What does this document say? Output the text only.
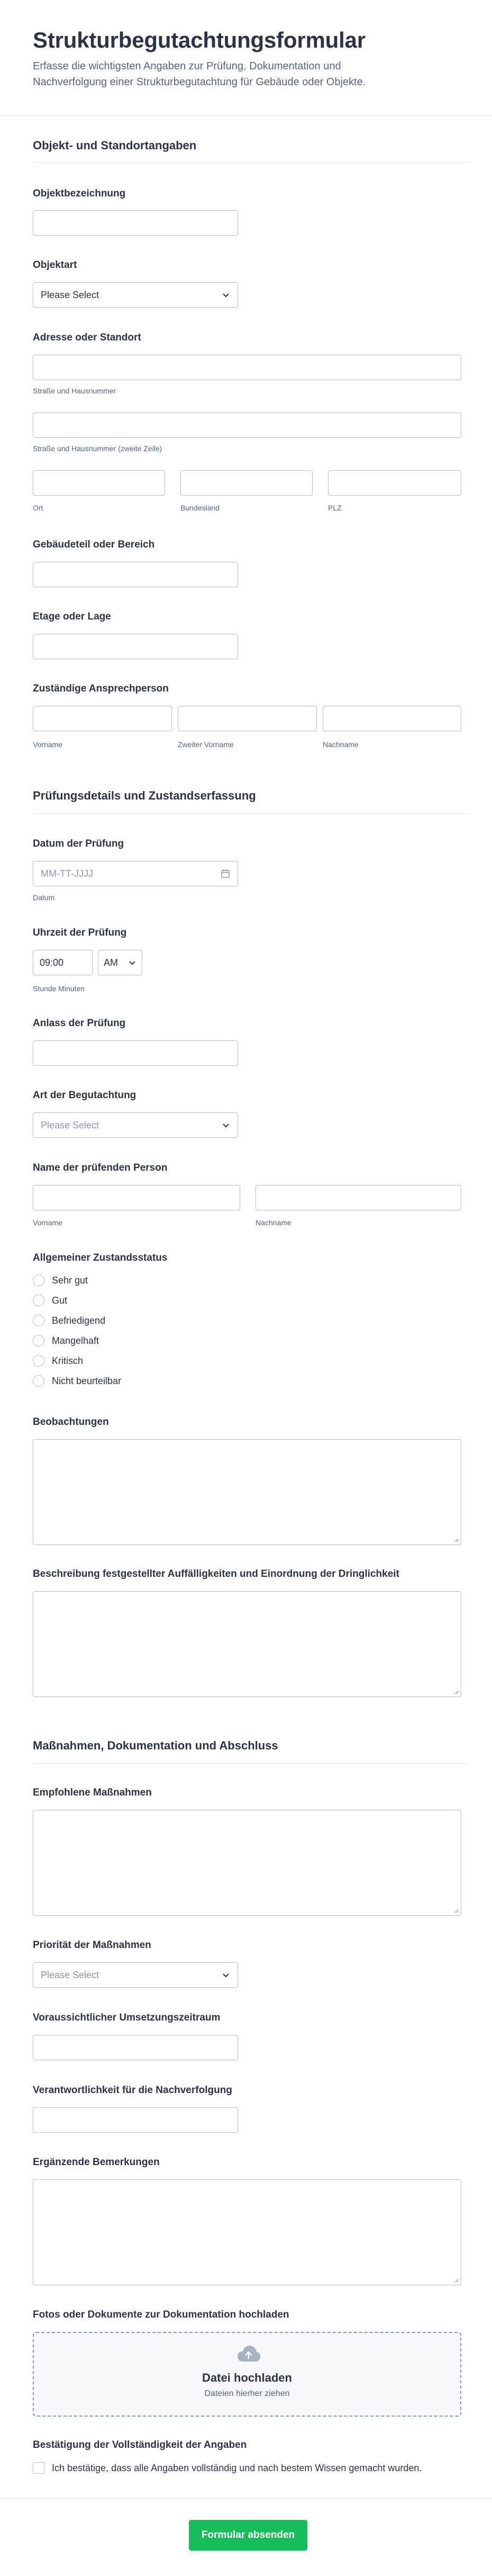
Strukturbegutachtungsformular

Erfasse die wichtigsten Angaben zur Prüfung, Dokumentation und Nachverfolgung einer Strukturbegutachtung für Gebäude oder Objekte.

Objekt- und Standortangaben
Objektbezeichnung
Objektart
Please Select
Adresse oder Standort
Straße und Hausnummer
Straße und Hausnummer (zweite Zeile)
Ort	Bundesland	PLZ
Gebäudeteil oder Bereich
Etage oder Lage
Zuständige Ansprechperson
Vorname	Zweiter Vorname	Nachname
Prüfungsdetails und Zustandserfassung
Datum der Prüfung
MM-TT-JJJJ
Datum
Uhrzeit der Prüfung
09:00	AM
Stunde Minuten
Anlass der Prüfung
Art der Begutachtung
Please Select
Name der prüfenden Person
Vorname	Nachname
Allgemeiner Zustandsstatus
Sehr gut
Gut
Befriedigend
Mangelhaft
Kritisch
Nicht beurteilbar
Beobachtungen
Beschreibung festgestellter Auffälligkeiten und Einordnung der Dringlichkeit
Maßnahmen, Dokumentation und Abschluss
Empfohlene Maßnahmen
Priorität der Maßnahmen
Please Select
Voraussichtlicher Umsetzungszeitraum
Verantwortlichkeit für die Nachverfolgung
Ergänzende Bemerkungen
Fotos oder Dokumente zur Dokumentation hochladen
Datei hochladen
Dateien hierher ziehen
Bestätigung der Vollständigkeit der Angaben
Ich bestätige, dass alle Angaben vollständig und nach bestem Wissen gemacht wurden.
Formular absenden
